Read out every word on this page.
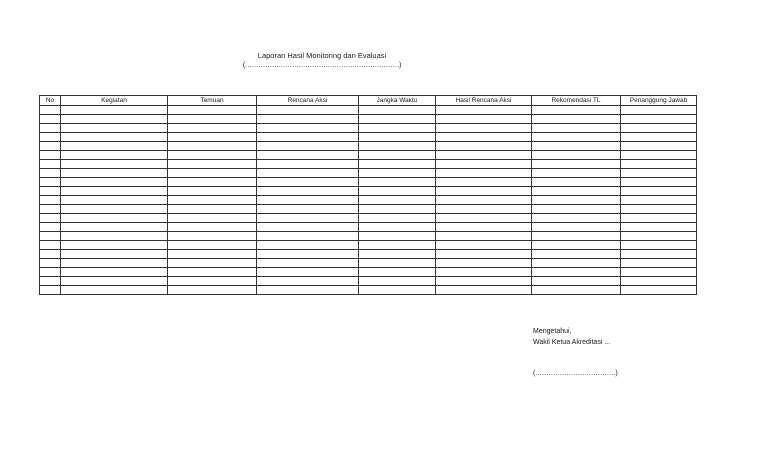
Laporan Hasil Monitoring dan Evaluasi
(……………………………………………………………)
No	Kegiatan	Temuan	Rencana Aksi	Jangka Waktu	Hasil Rencana Aksi	Rekomendasi TL	Penanggung Jawab

Mengetahui,
Wakil Ketua Akreditasi ...
(………………………………)
